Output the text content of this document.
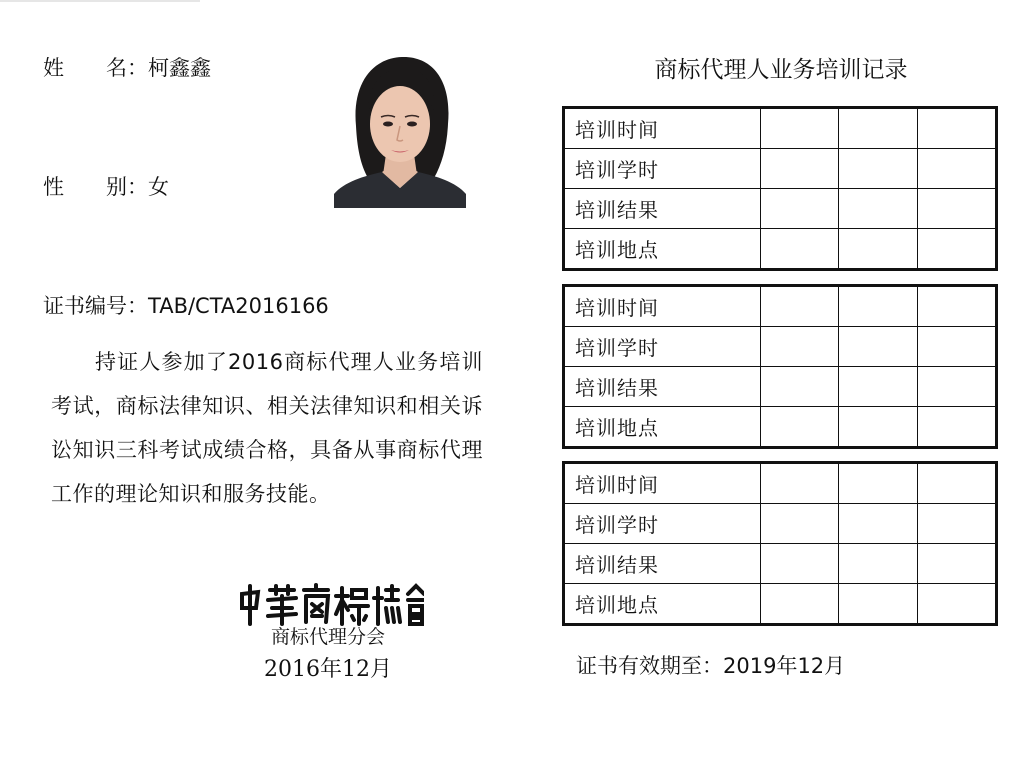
姓　　名：柯鑫鑫
性　　别：女
证书编号：TAB/CTA2016166

持证人参加了2016商标代理人业务培训考试，商标法律知识、相关法律知识和相关诉讼知识三科考试成绩合格，具备从事商标代理工作的理论知识和服务技能。

中華商標協會
商标代理分会
2016年12月
商标代理人业务培训记录
培训时间			
培训学时			
培训结果			
培训地点			
培训时间			
培训学时			
培训结果			
培训地点			
培训时间			
培训学时			
培训结果			
培训地点			
证书有效期至：2019年12月
